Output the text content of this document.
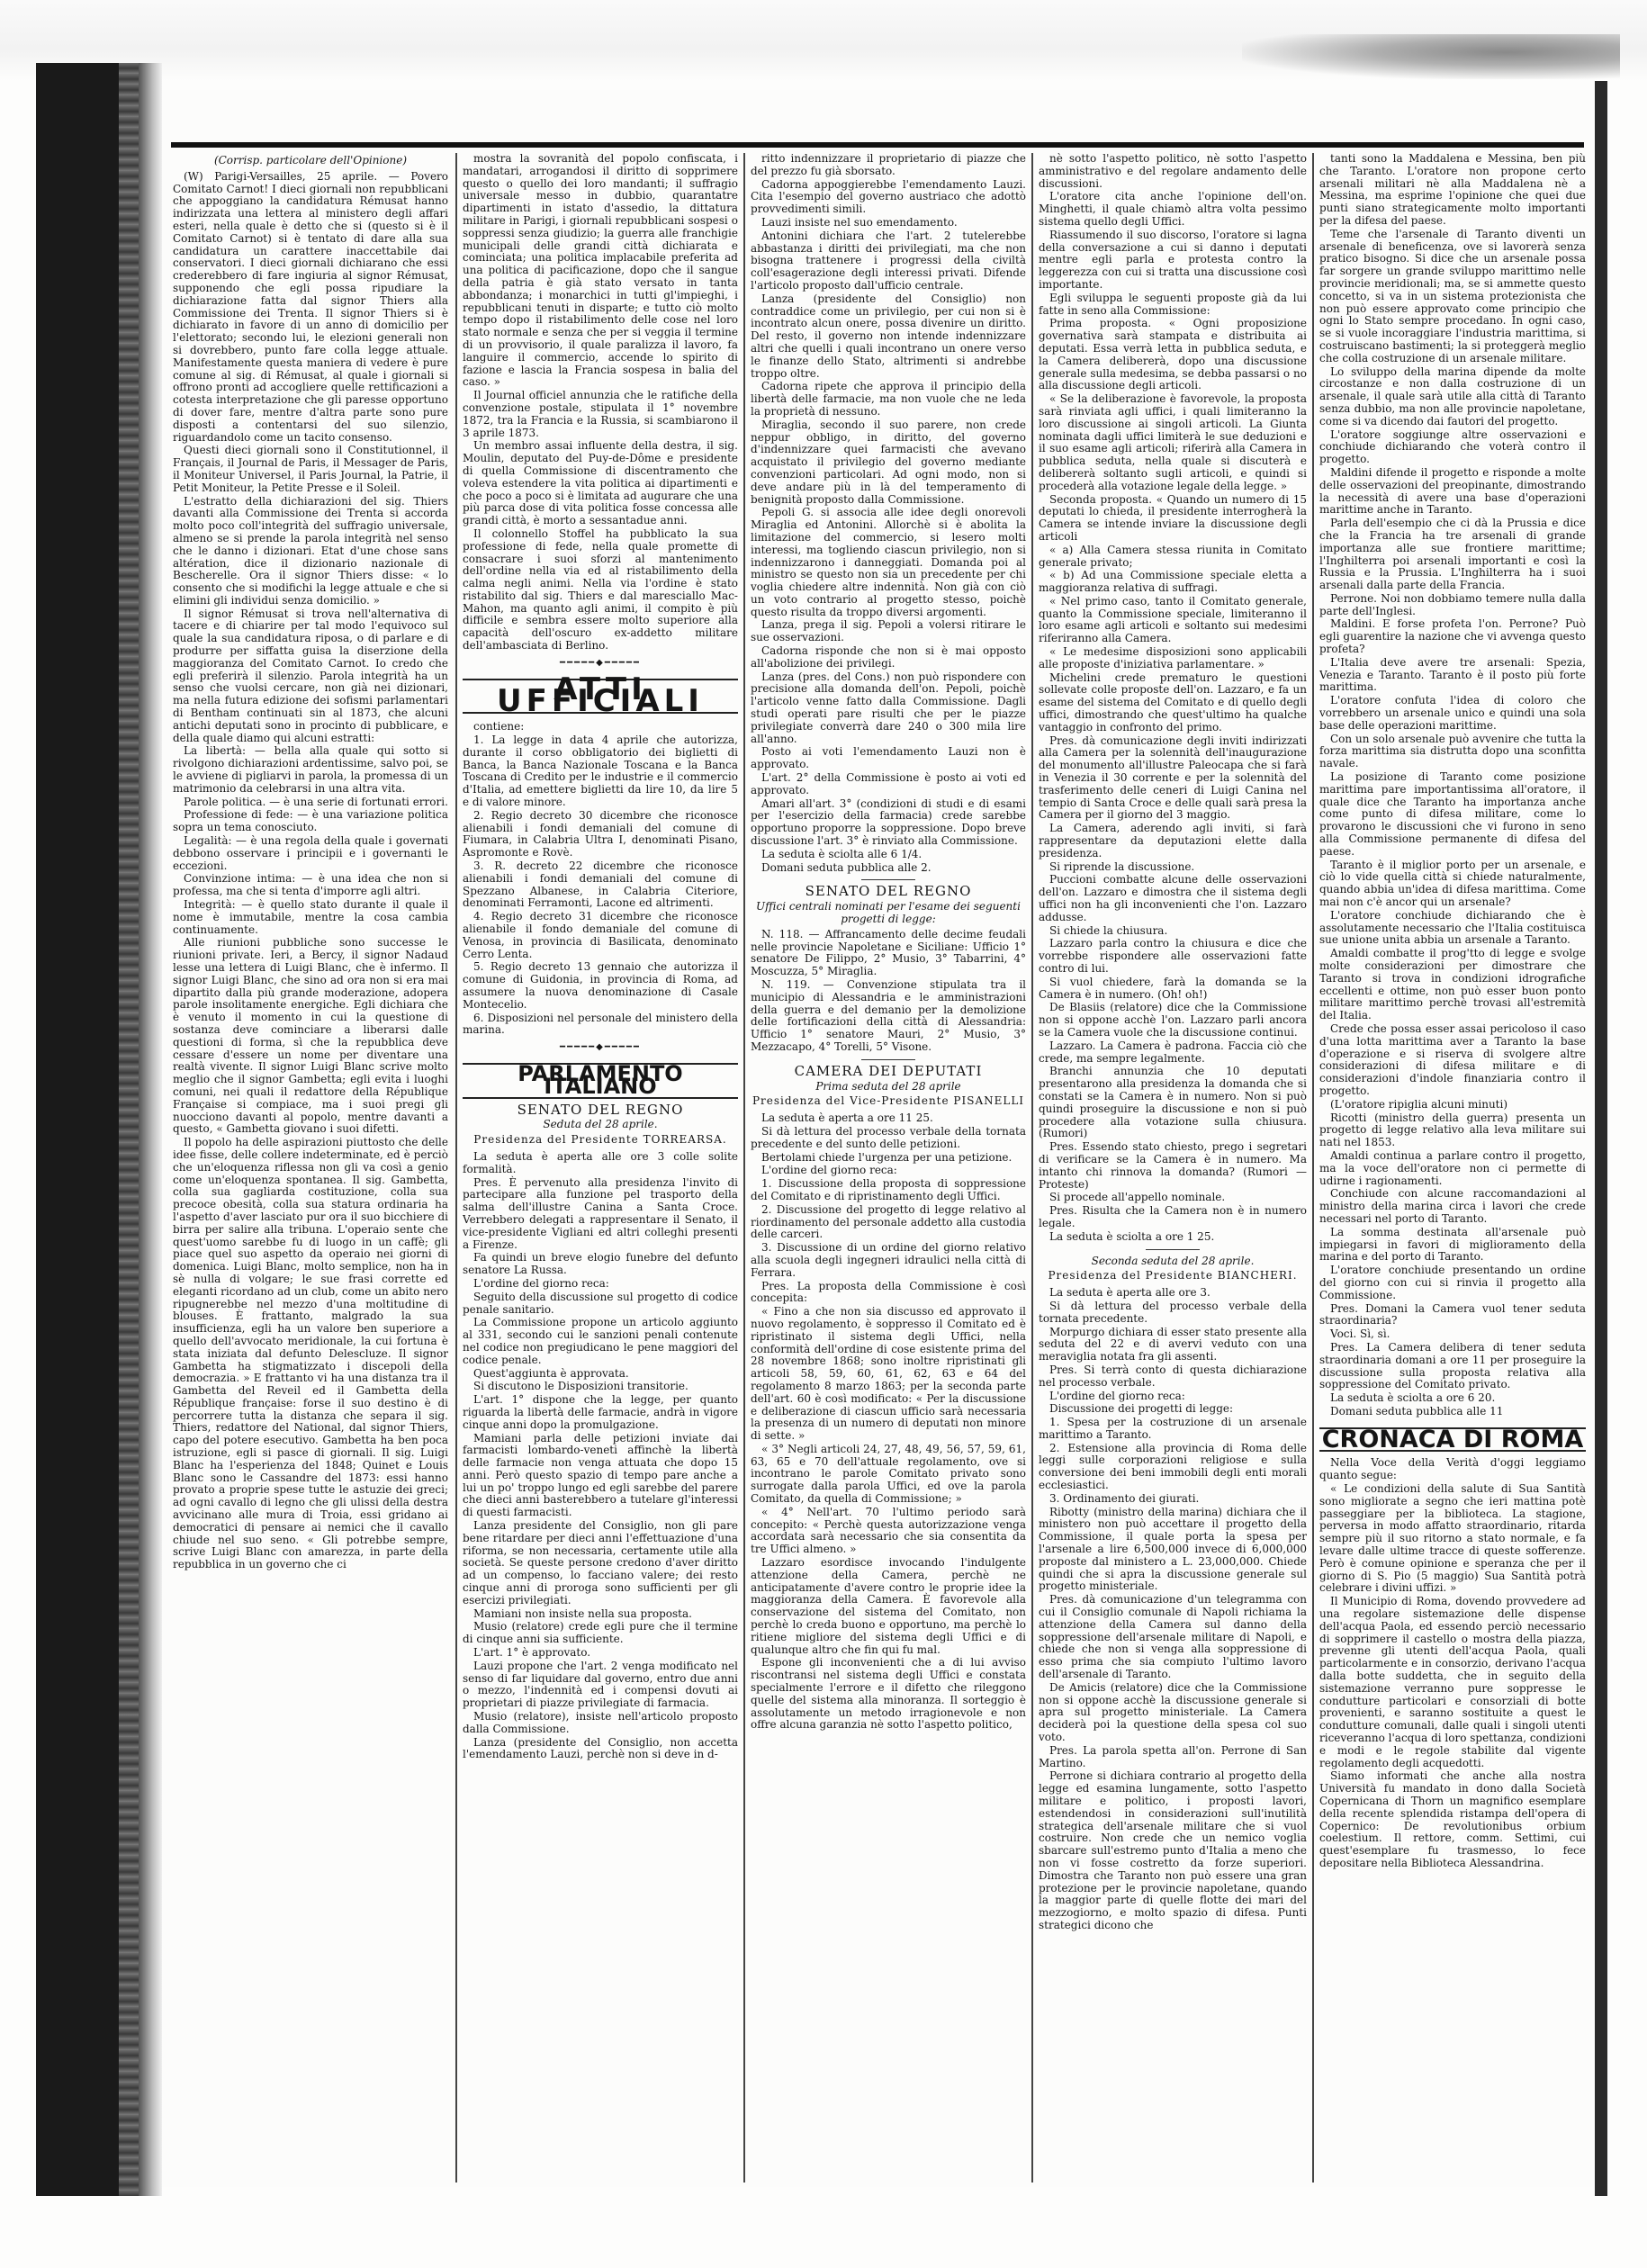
(Corrisp. particolare dell'Opinione)

(W) Parigi-Versailles, 25 aprile. — Povero Comitato Carnot! I dieci giornali non repubblicani che appoggiano la candidatura Rémusat hanno indirizzata una lettera al ministero degli affari esteri, nella quale è detto che si (questo si è il Comitato Carnot) si è tentato di dare alla sua candidatura un carattere inaccettabile dai conservatori. I dieci giornali dichiarano che essi crederebbero di fare ingiuria al signor Rémusat, supponendo che egli possa ripudiare la dichiarazione fatta dal signor Thiers alla Commissione dei Trenta. Il signor Thiers si è dichiarato in favore di un anno di domicilio per l'elettorato; secondo lui, le elezioni generali non si dovrebbero, punto fare colla legge attuale. Manifestamente questa maniera di vedere è pure comune al sig. di Rémusat, al quale i giornali si offrono pronti ad accogliere quelle rettificazioni a cotesta interpretazione che gli paresse opportuno di dover fare, mentre d'altra parte sono pure disposti a contentarsi del suo silenzio, riguardandolo come un tacito consenso.

Questi dieci giornali sono il Constitutionnel, il Français, il Journal de Paris, il Messager de Paris, il Moniteur Universel, il Paris Journal, la Patrie, il Petit Moniteur, la Petite Presse e il Soleil.

L'estratto della dichiarazioni del sig. Thiers davanti alla Commissione dei Trenta si accorda molto poco coll'integrità del suffragio universale, almeno se si prende la parola integrità nel senso che le danno i dizionari. Etat d'une chose sans altération, dice il dizionario nazionale di Bescherelle. Ora il signor Thiers disse: « lo consento che si modifichi la legge attuale e che si elimini gli individui senza domicilio. »

Il signor Rémusat si trova nell'alternativa di tacere e di chiarire per tal modo l'equivoco sul quale la sua candidatura riposa, o di parlare e di produrre per siffatta guisa la diserzione della maggioranza del Comitato Carnot. Io credo che egli preferirà il silenzio. Parola integrità ha un senso che vuolsi cercare, non già nei dizionari, ma nella futura edizione dei sofismi parlamentari di Bentham continuati sin al 1873, che alcuni antichi deputati sono in procinto di pubblicare, e della quale diamo qui alcuni estratti:

La libertà: — bella alla quale qui sotto si rivolgono dichiarazioni ardentissime, salvo poi, se le avviene di pigliarvi in parola, la promessa di un matrimonio da celebrarsi in una altra vita.

Parole politica. — è una serie di fortunati errori.

Professione di fede: — è una variazione politica sopra un tema conosciuto.

Legalità: — è una regola della quale i governati debbono osservare i principii e i governanti le eccezioni.

Convinzione intima: — è una idea che non si professa, ma che si tenta d'imporre agli altri.

Integrità: — è quello stato durante il quale il nome è immutabile, mentre la cosa cambia continuamente.

Alle riunioni pubbliche sono successe le riunioni private. Ieri, a Bercy, il signor Nadaud lesse una lettera di Luigi Blanc, che è infermo. Il signor Luigi Blanc, che sino ad ora non si era mai dipartito dalla più grande moderazione, adopera parole insolitamente energiche. Egli dichiara che è venuto il momento in cui la questione di sostanza deve cominciare a liberarsi dalle questioni di forma, sì che la repubblica deve cessare d'essere un nome per diventare una realtà vivente. Il signor Luigi Blanc scrive molto meglio che il signor Gambetta; egli evita i luoghi comuni, nei quali il redattore della République Française si compiace, ma i suoi pregi gli nuocciono davanti al popolo, mentre davanti a questo, « Gambetta giovano i suoi difetti.

Il popolo ha delle aspirazioni piuttosto che delle idee fisse, delle collere indeterminate, ed è perciò che un'eloquenza riflessa non gli va così a genio come un'eloquenza spontanea. Il sig. Gambetta, colla sua gagliarda costituzione, colla sua precoce obesità, colla sua statura ordinaria ha l'aspetto d'aver lasciato pur ora il suo bicchiere di birra per salire alla tribuna. L'operaio sente che quest'uomo sarebbe fu di luogo in un caffè; gli piace quel suo aspetto da operaio nei giorni di domenica. Luigi Blanc, molto semplice, non ha in sè nulla di volgare; le sue frasi corrette ed eleganti ricordano ad un club, come un abito nero ripugnerebbe nel mezzo d'una moltitudine di blouses. È frattanto, malgrado la sua insufficienza, egli ha un valore ben superiore a quello dell'avvocato meridionale, la cui fortuna è stata iniziata dal defunto Delescluze. Il signor Gambetta ha stigmatizzato i discepoli della democrazia. » E frattanto vi ha una distanza tra il Gambetta del Reveil ed il Gambetta della République française: forse il suo destino è di percorrere tutta la distanza che separa il sig. Thiers, redattore del National, dal signor Thiers, capo del potere esecutivo. Gambetta ha ben poca istruzione, egli si pasce di giornali. Il sig. Luigi Blanc ha l'esperienza del 1848; Quinet e Louis Blanc sono le Cassandre del 1873: essi hanno provato a proprie spese tutte le astuzie dei greci; ad ogni cavallo di legno che gli ulissi della destra avvicinano alle mura di Troia, essi gridano ai democratici di pensare ai nemici che il cavallo chiude nel suo seno. « Gli potrebbe sempre, scrive Luigi Blanc con amarezza, in parte della repubblica in un governo che ci

mostra la sovranità del popolo confiscata, i mandatari, arrogandosi il diritto di sopprimere questo o quello dei loro mandanti; il suffragio universale messo in dubbio, quarantatre dipartimenti in istato d'assedio, la dittatura militare in Parigi, i giornali repubblicani sospesi o soppressi senza giudizio; la guerra alle franchigie municipali delle grandi città dichiarata e cominciata; una politica implacabile preferita ad una politica di pacificazione, dopo che il sangue della patria è già stato versato in tanta abbondanza; i monarchici in tutti gl'impieghi, i repubblicani tenuti in disparte; e tutto ciò molto tempo dopo il ristabilimento delle cose nel loro stato normale e senza che per si veggia il termine di un provvisorio, il quale paralizza il lavoro, fa languire il commercio, accende lo spirito di fazione e lascia la Francia sospesa in balia del caso. »

Il Journal officiel annunzia che le ratifiche della convenzione postale, stipulata il 1° novembre 1872, tra la Francia e la Russia, si scambiarono il 3 aprile 1873.

Un membro assai influente della destra, il sig. Moulin, deputato del Puy-de-Dôme e presidente di quella Commissione di discentramento che voleva estendere la vita politica ai dipartimenti e che poco a poco si è limitata ad augurare che una più parca dose di vita politica fosse concessa alle grandi città, è morto a sessantadue anni.

Il colonnello Stoffel ha pubblicato la sua professione di fede, nella quale promette di consacrare i suoi sforzi al mantenimento dell'ordine nella via ed al ristabilimento della calma negli animi. Nella via l'ordine è stato ristabilito dal sig. Thiers e dal maresciallo Mac-Mahon, ma quanto agli animi, il compito è più difficile e sembra essere molto superiore alla capacità dell'oscuro ex-addetto militare dell'ambasciata di Berlino.

━━━━━◆━━━━━
ATTI UFFICIALI

contiene:

1. La legge in data 4 aprile che autorizza, durante il corso obbligatorio dei biglietti di Banca, la Banca Nazionale Toscana e la Banca Toscana di Credito per le industrie e il commercio d'Italia, ad emettere biglietti da lire 10, da lire 5 e di valore minore.

2. Regio decreto 30 dicembre che riconosce alienabili i fondi demaniali del comune di Fiumara, in Calabria Ultra I, denominati Pisano, Aspromonte e Rovè.

3. R. decreto 22 dicembre che riconosce alienabili i fondi demaniali del comune di Spezzano Albanese, in Calabria Citeriore, denominati Ferramonti, Lacone ed altrimenti.

4. Regio decreto 31 dicembre che riconosce alienabile il fondo demaniale del comune di Venosa, in provincia di Basilicata, denominato Cerro Lenta.

5. Regio decreto 13 gennaio che autorizza il comune di Guidonia, in provincia di Roma, ad assumere la nuova denominazione di Casale Montecelio.

6. Disposizioni nel personale del ministero della marina.

━━━━━◆━━━━━
PARLAMENTO ITALIANO
SENATO DEL REGNO
Seduta del 28 aprile.
Presidenza del Presidente TORREARSA.

La seduta è aperta alle ore 3 colle solite formalità.

Pres. È pervenuto alla presidenza l'invito di partecipare alla funzione pel trasporto della salma dell'illustre Canina a Santa Croce. Verrebbero delegati a rappresentare il Senato, il vice-presidente Vigliani ed altri colleghi presenti a Firenze.

Fa quindi un breve elogio funebre del defunto senatore La Russa.

L'ordine del giorno reca:

Seguito della discussione sul progetto di codice penale sanitario.

La Commissione propone un articolo aggiunto al 331, secondo cui le sanzioni penali contenute nel codice non pregiudicano le pene maggiori del codice penale.

Quest'aggiunta è approvata.

Si discutono le Disposizioni transitorie.

L'art. 1° dispone che la legge, per quanto riguarda la libertà delle farmacie, andrà in vigore cinque anni dopo la promulgazione.

Mamiani parla delle petizioni inviate dai farmacisti lombardo-veneti affinchè la libertà delle farmacie non venga attuata che dopo 15 anni. Però questo spazio di tempo pare anche a lui un po' troppo lungo ed egli sarebbe del parere che dieci anni basterebbero a tutelare gl'interessi di questi farmacisti.

Lanza presidente del Consiglio, non gli pare bene ritardare per dieci anni l'effettuazione d'una riforma, se non necessaria, certamente utile alla società. Se queste persone credono d'aver diritto ad un compenso, lo facciano valere; dei resto cinque anni di proroga sono sufficienti per gli esercizi privilegiati.

Mamiani non insiste nella sua proposta.

Musio (relatore) crede egli pure che il termine di cinque anni sia sufficiente.

L'art. 1° è approvato.

Lauzi propone che l'art. 2 venga modificato nel senso di far liquidare dal governo, entro due anni o mezzo, l'indennità ed i compensi dovuti ai proprietari di piazze privilegiate di farmacia.

Musio (relatore), insiste nell'articolo proposto dalla Commissione.

Lanza (presidente del Consiglio, non accetta l'emendamento Lauzi, perchè non si deve in d-

ritto indennizzare il proprietario di piazze che del prezzo fu già sborsato.

Cadorna appoggierebbe l'emendamento Lauzi. Cita l'esempio del governo austriaco che adottò provvedimenti simili.

Lauzi insiste nel suo emendamento.

Antonini dichiara che l'art. 2 tutelerebbe abbastanza i diritti dei privilegiati, ma che non bisogna trattenere i progressi della civiltà coll'esagerazione degli interessi privati. Difende l'articolo proposto dall'ufficio centrale.

Lanza (presidente del Consiglio) non contraddice come un privilegio, per cui non si è incontrato alcun onere, possa divenire un diritto. Del resto, il governo non intende indennizzare altri che quelli i quali incontrano un onere verso le finanze dello Stato, altrimenti si andrebbe troppo oltre.

Cadorna ripete che approva il principio della libertà delle farmacie, ma non vuole che ne leda la proprietà di nessuno.

Miraglia, secondo il suo parere, non crede neppur obbligo, in diritto, del governo d'indennizzare quei farmacisti che avevano acquistato il privilegio del governo mediante convenzioni particolari. Ad ogni modo, non si deve andare più in là del temperamento di benignità proposto dalla Commissione.

Pepoli G. si associa alle idee degli onorevoli Miraglia ed Antonini. Allorchè si è abolita la limitazione del commercio, si lesero molti interessi, ma togliendo ciascun privilegio, non si indennizzarono i danneggiati. Domanda poi al ministro se questo non sia un precedente per chi voglia chiedere altre indennità. Non già con ciò un voto contrario al progetto stesso, poichè questo risulta da troppo diversi argomenti.

Lanza, prega il sig. Pepoli a volersi ritirare le sue osservazioni.

Cadorna risponde che non si è mai opposto all'abolizione dei privilegi.

Lanza (pres. del Cons.) non può rispondere con precisione alla domanda dell'on. Pepoli, poichè l'articolo venne fatto dalla Commissione. Dagli studi operati pare risulti che per le piazze privilegiate converrà dare 240 o 300 mila lire all'anno.

Posto ai voti l'emendamento Lauzi non è approvato.

L'art. 2° della Commissione è posto ai voti ed approvato.

Amari all'art. 3° (condizioni di studi e di esami per l'esercizio della farmacia) crede sarebbe opportuno proporre la soppressione. Dopo breve discussione l'art. 3° è rinviato alla Commissione.

La seduta è sciolta alle 6 1/4.

Domani seduta pubblica alle 2.

SENATO DEL REGNO
Uffici centrali nominati per l'esame dei seguenti progetti di legge:

N. 118. — Affrancamento delle decime feudali nelle provincie Napoletane e Siciliane: Ufficio 1° senatore De Filippo, 2° Musio, 3° Tabarrini, 4° Moscuzza, 5° Miraglia.

N. 119. — Convenzione stipulata tra il municipio di Alessandria e le amministrazioni della guerra e del demanio per la demolizione delle fortificazioni della città di Alessandria: Ufficio 1° senatore Mauri, 2° Musio, 3° Mezzacapo, 4° Torelli, 5° Visone.

CAMERA DEI DEPUTATI
Prima seduta del 28 aprile
Presidenza del Vice-Presidente PISANELLI

La seduta è aperta a ore 11 25.

Si dà lettura del processo verbale della tornata precedente e del sunto delle petizioni.

Bertolami chiede l'urgenza per una petizione.

L'ordine del giorno reca:

1. Discussione della proposta di soppressione del Comitato e di ripristinamento degli Uffici.

2. Discussione del progetto di legge relativo al riordinamento del personale addetto alla custodia delle carceri.

3. Discussione di un ordine del giorno relativo alla scuola degli ingegneri idraulici nella città di Ferrara.

Pres. La proposta della Commissione è così concepita:

« Fino a che non sia discusso ed approvato il nuovo regolamento, è soppresso il Comitato ed è ripristinato il sistema degli Uffici, nella conformità dell'ordine di cose esistente prima del 28 novembre 1868; sono inoltre ripristinati gli articoli 58, 59, 60, 61, 62, 63 e 64 del regolamento 8 marzo 1863; per la seconda parte dell'art. 60 è così modificato: « Per la discussione e deliberazione di ciascun ufficio sarà necessaria la presenza di un numero di deputati non minore di sette. »

« 3° Negli articoli 24, 27, 48, 49, 56, 57, 59, 61, 63, 65 e 70 dell'attuale regolamento, ove si incontrano le parole Comitato privato sono surrogate dalla parola Uffici, ed ove la parola Comitato, da quella di Commissione; »

« 4° Nell'art. 70 l'ultimo periodo sarà concepito: « Perchè questa autorizzazione venga accordata sarà necessario che sia consentita da tre Uffici almeno. »

Lazzaro esordisce invocando l'indulgente attenzione della Camera, perchè ne anticipatamente d'avere contro le proprie idee la maggioranza della Camera. È favorevole alla conservazione del sistema del Comitato, non perchè lo creda buono e opportuno, ma perchè lo ritiene migliore del sistema degli Uffici e di qualunque altro che fin qui fu mal.

Espone gli inconvenienti che a di lui avviso riscontransi nel sistema degli Uffici e constata specialmente l'errore e il difetto che rileggono quelle del sistema alla minoranza. Il sorteggio è assolutamente un metodo irragionevole e non offre alcuna garanzia nè sotto l'aspetto politico,

nè sotto l'aspetto politico, nè sotto l'aspetto amministrativo e del regolare andamento delle discussioni.

L'oratore cita anche l'opinione dell'on. Minghetti, il quale chiamò altra volta pessimo sistema quello degli Uffici.

Riassumendo il suo discorso, l'oratore si lagna della conversazione a cui si danno i deputati mentre egli parla e protesta contro la leggerezza con cui si tratta una discussione così importante.

Egli sviluppa le seguenti proposte già da lui fatte in seno alla Commissione:

Prima proposta. « Ogni proposizione governativa sarà stampata e distribuita ai deputati. Essa verrà letta in pubblica seduta, e la Camera delibererà, dopo una discussione generale sulla medesima, se debba passarsi o no alla discussione degli articoli.

« Se la deliberazione è favorevole, la proposta sarà rinviata agli uffici, i quali limiteranno la loro discussione ai singoli articoli. La Giunta nominata dagli uffici limiterà le sue deduzioni e il suo esame agli articoli; riferirà alla Camera in pubblica seduta, nella quale si discuterà e delibererà soltanto sugli articoli, e quindi si procederà alla votazione legale della legge. »

Seconda proposta. « Quando un numero di 15 deputati lo chieda, il presidente interrogherà la Camera se intende inviare la discussione degli articoli

« a) Alla Camera stessa riunita in Comitato generale privato;

« b) Ad una Commissione speciale eletta a maggioranza relativa di suffragi.

« Nel primo caso, tanto il Comitato generale, quanto la Commissione speciale, limiteranno il loro esame agli articoli e soltanto sui medesimi riferiranno alla Camera.

« Le medesime disposizioni sono applicabili alle proposte d'iniziativa parlamentare. »

Michelini crede prematuro le questioni sollevate colle proposte dell'on. Lazzaro, e fa un esame del sistema del Comitato e di quello degli uffici, dimostrando che quest'ultimo ha qualche vantaggio in confronto del primo.

Pres. dà comunicazione degli inviti indirizzati alla Camera per la solennità dell'inaugurazione del monumento all'illustre Paleocapa che si farà in Venezia il 30 corrente e per la solennità del trasferimento delle ceneri di Luigi Canina nel tempio di Santa Croce e delle quali sarà presa la Camera per il giorno del 3 maggio.

La Camera, aderendo agli inviti, si farà rappresentare da deputazioni elette dalla presidenza.

Si riprende la discussione.

Puccioni combatte alcune delle osservazioni dell'on. Lazzaro e dimostra che il sistema degli uffici non ha gli inconvenienti che l'on. Lazzaro addusse.

Si chiede la chiusura.

Lazzaro parla contro la chiusura e dice che vorrebbe rispondere alle osservazioni fatte contro di lui.

Si vuol chiedere, farà la domanda se la Camera è in numero. (Oh! oh!)

De Blasiis (relatore) dice che la Commissione non si oppone acchè l'on. Lazzaro parli ancora se la Camera vuole che la discussione continui.

Lazzaro. La Camera è padrona. Faccia ciò che crede, ma sempre legalmente.

Branchi annunzia che 10 deputati presentarono alla presidenza la domanda che si constati se la Camera è in numero. Non si può quindi proseguire la discussione e non si può procedere alla votazione sulla chiusura. (Rumori)

Pres. Essendo stato chiesto, prego i segretari di verificare se la Camera è in numero. Ma intanto chi rinnova la domanda? (Rumori — Proteste)

Si procede all'appello nominale.

Pres. Risulta che la Camera non è in numero legale.

La seduta è sciolta a ore 1 25.

Seconda seduta del 28 aprile.
Presidenza del Presidente BIANCHERI.

La seduta è aperta alle ore 3.

Si dà lettura del processo verbale della tornata precedente.

Morpurgo dichiara di esser stato presente alla seduta del 22 e di avervi veduto con una meraviglia notata fra gli assenti.

Pres. Si terrà conto di questa dichiarazione nel processo verbale.

L'ordine del giorno reca:

Discussione dei progetti di legge:

1. Spesa per la costruzione di un arsenale marittimo a Taranto.

2. Estensione alla provincia di Roma delle leggi sulle corporazioni religiose e sulla conversione dei beni immobili degli enti morali ecclesiastici.

3. Ordinamento dei giurati.

Ribotty (ministro della marina) dichiara che il ministero non può accettare il progetto della Commissione, il quale porta la spesa per l'arsenale a lire 6,500,000 invece di 6,000,000 proposte dal ministero a L. 23,000,000. Chiede quindi che si apra la discussione generale sul progetto ministeriale.

Pres. dà comunicazione d'un telegramma con cui il Consiglio comunale di Napoli richiama la attenzione della Camera sul danno della soppressione dell'arsenale militare di Napoli, e chiede che non si venga alla soppressione di esso prima che sia compiuto l'ultimo lavoro dell'arsenale di Taranto.

De Amicis (relatore) dice che la Commissione non si oppone acchè la discussione generale si apra sul progetto ministeriale. La Camera deciderà poi la questione della spesa col suo voto.

Pres. La parola spetta all'on. Perrone di San Martino.

Perrone si dichiara contrario al progetto della legge ed esamina lungamente, sotto l'aspetto militare e politico, i proposti lavori, estendendosi in considerazioni sull'inutilità strategica dell'arsenale militare che si vuol costruire. Non crede che un nemico voglia sbarcare sull'estremo punto d'Italia a meno che non vi fosse costretto da forze superiori. Dimostra che Taranto non può essere una gran protezione per le provincie napoletane, quando la maggior parte di quelle flotte dei mari del mezzogiorno, e molto spazio di difesa. Punti strategici dicono che

tanti sono la Maddalena e Messina, ben più che Taranto. L'oratore non propone certo arsenali militari nè alla Maddalena nè a Messina, ma esprime l'opinione che quei due punti siano strategicamente molto importanti per la difesa del paese.

Teme che l'arsenale di Taranto diventi un arsenale di beneficenza, ove si lavorerà senza pratico bisogno. Si dice che un arsenale possa far sorgere un grande sviluppo marittimo nelle provincie meridionali; ma, se si ammette questo concetto, si va in un sistema protezionista che non può essere approvato come principio che ogni lo Stato sempre procedano. In ogni caso, se si vuole incoraggiare l'industria marittima, si costruiscano bastimenti; la si proteggerà meglio che colla costruzione di un arsenale militare.

Lo sviluppo della marina dipende da molte circostanze e non dalla costruzione di un arsenale, il quale sarà utile alla città di Taranto senza dubbio, ma non alle provincie napoletane, come si va dicendo dai fautori del progetto.

L'oratore soggiunge altre osservazioni e conchiude dichiarando che voterà contro il progetto.

Maldini difende il progetto e risponde a molte delle osservazioni del preopinante, dimostrando la necessità di avere una base d'operazioni marittime anche in Taranto.

Parla dell'esempio che ci dà la Prussia e dice che la Francia ha tre arsenali di grande importanza alle sue frontiere marittime; l'Inghilterra poi arsenali importanti e così la Russia e la Prussia. L'Inghilterra ha i suoi arsenali dalla parte della Francia.

Perrone. Noi non dobbiamo temere nulla dalla parte dell'Inglesi.

Maldini. E forse profeta l'on. Perrone? Può egli guarentire la nazione che vi avvenga questo profeta?

L'Italia deve avere tre arsenali: Spezia, Venezia e Taranto. Taranto è il posto più forte marittima.

L'oratore confuta l'idea di coloro che vorrebbero un arsenale unico e quindi una sola base delle operazioni marittime.

Con un solo arsenale può avvenire che tutta la forza marittima sia distrutta dopo una sconfitta navale.

La posizione di Taranto come posizione marittima pare importantissima all'oratore, il quale dice che Taranto ha importanza anche come punto di difesa militare, come lo provarono le discussioni che vi furono in seno alla Commissione permanente di difesa del paese.

Taranto è il miglior porto per un arsenale, e ciò lo vide quella città si chiede naturalmente, quando abbia un'idea di difesa marittima. Come mai non c'è ancor qui un arsenale?

L'oratore conchiude dichiarando che è assolutamente necessario che l'Italia costituisca sue unione unita abbia un arsenale a Taranto.

Amaldi combatte il prog'tto di legge e svolge molte considerazioni per dimostrare che Taranto si trova in condizioni idrografiche eccellenti e ottime, non può esser buon ponto militare marittimo perchè trovasi all'estremità del Italia.

Crede che possa esser assai pericoloso il caso d'una lotta marittima aver a Taranto la base d'operazione e si riserva di svolgere altre considerazioni di difesa militare e di considerazioni d'indole finanziaria contro il progetto.

(L'oratore ripiglia alcuni minuti)

Ricotti (ministro della guerra) presenta un progetto di legge relativo alla leva militare sui nati nel 1853.

Amaldi continua a parlare contro il progetto, ma la voce dell'oratore non ci permette di udirne i ragionamenti.

Conchiude con alcune raccomandazioni al ministro della marina circa i lavori che crede necessari nel porto di Taranto.

La somma destinata all'arsenale può impiegarsi in favori di miglioramento della marina e del porto di Taranto.

L'oratore conchiude presentando un ordine del giorno con cui si rinvia il progetto alla Commissione.

Pres. Domani la Camera vuol tener seduta straordinaria?

Voci. Sì, sì.

Pres. La Camera delibera di tener seduta straordinaria domani a ore 11 per proseguire la discussione sulla proposta relativa alla soppressione del Comitato privato.

La seduta è sciolta a ore 6 20.

Domani seduta pubblica alle 11

CRONACA DI ROMA

Nella Voce della Verità d'oggi leggiamo quanto segue:

« Le condizioni della salute di Sua Santità sono migliorate a segno che ieri mattina potè passeggiare per la biblioteca. La stagione, perversa in modo affatto straordinario, ritarda sempre più il suo ritorno a stato normale, e fa levare dalle ultime tracce di queste sofferenze. Però è comune opinione e speranza che per il giorno di S. Pio (5 maggio) Sua Santità potrà celebrare i divini uffizi. »

Il Municipio di Roma, dovendo provvedere ad una regolare sistemazione delle dispense dell'acqua Paola, ed essendo perciò necessario di sopprimere il castello o mostra della piazza, prevenne gli utenti dell'acqua Paola, quali particolarmente e in consorzio, derivano l'acqua dalla botte suddetta, che in seguito della sistemazione verranno pure soppresse le condutture particolari e consorziali di botte provenienti, e saranno sostituite a quest le condutture comunali, dalle quali i singoli utenti riceveranno l'acqua di loro spettanza, condizioni e modi e le regole stabilite dal vigente regolamento degli acquedotti.

Siamo informati che anche alla nostra Università fu mandato in dono dalla Società Copernicana di Thorn un magnifico esemplare della recente splendida ristampa dell'opera di Copernico: De revolutionibus orbium coelestium. Il rettore, comm. Settimi, cui quest'esemplare fu trasmesso, lo fece depositare nella Biblioteca Alessandrina.
